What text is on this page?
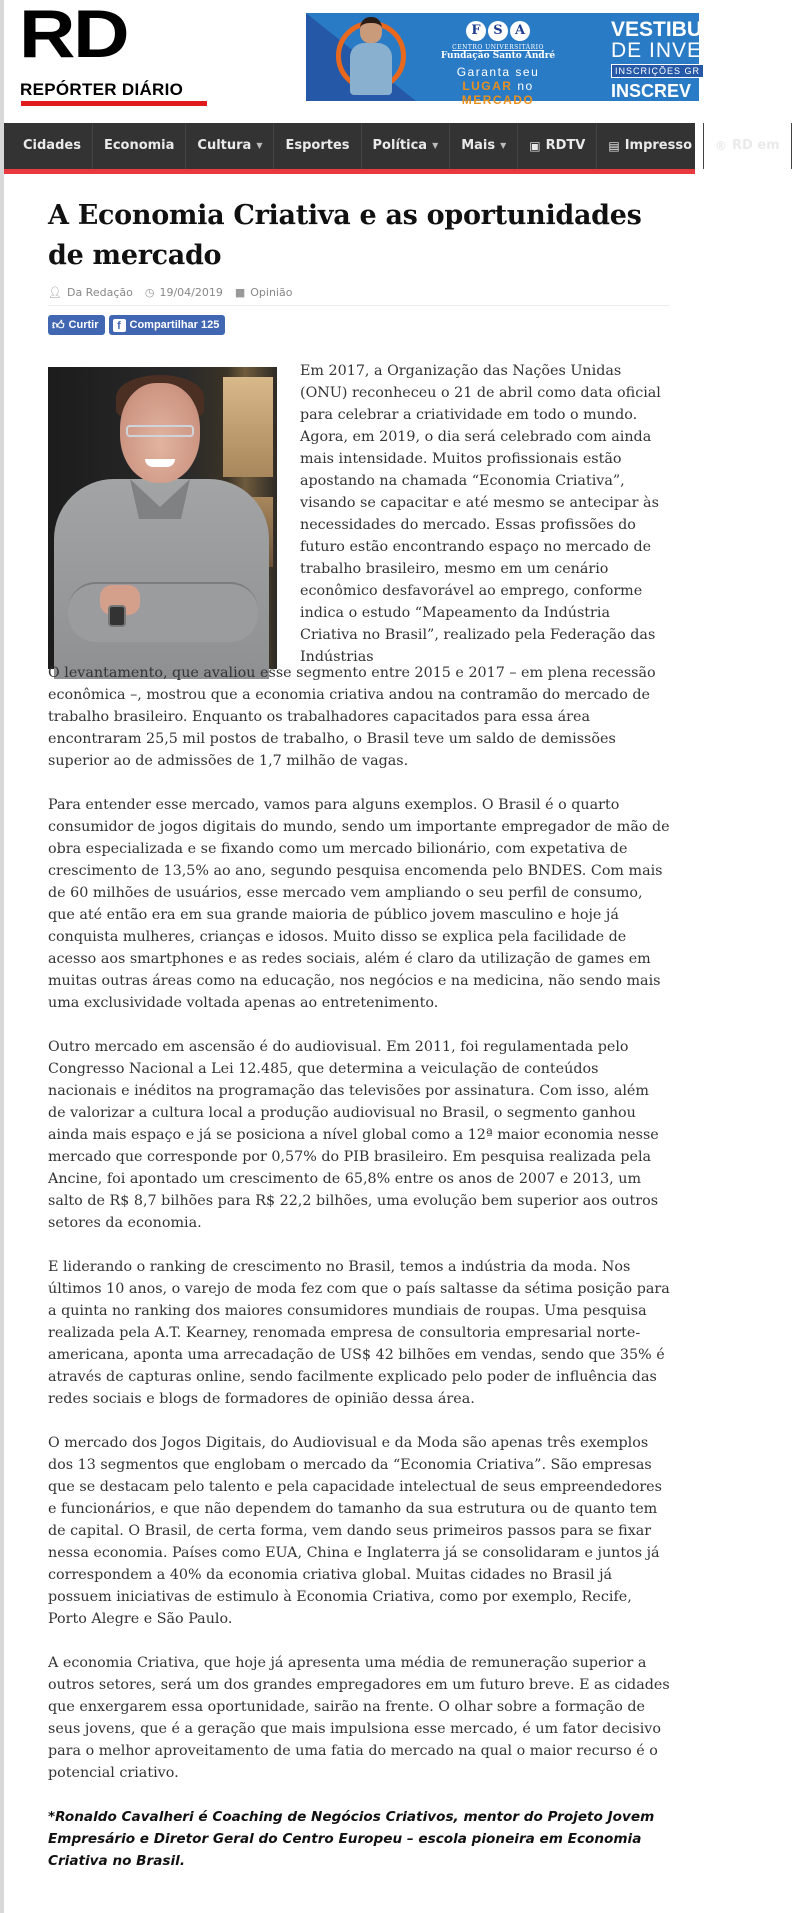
RD
REPÓRTER DIÁRIO
F S A
CENTRO UNIVERSITÁRIO
Fundação Santo André
Garanta seu
LUGAR no MERCADO
VESTIBU
DE INVE
INSCRIÇÕES GR
INSCREV
Cidades Economia Cultura ▼ Esportes Política ▼ Mais ▼ ▣ RDTV ▤ Impresso ® RD em
A Economia Criativa e as oportunidades de mercado
👤︎ Da Redação ◷ 19/04/2019 ■ Opinião
👍︎ Curtir	f Compartilhar 125
Em 2017, a Organização das Nações Unidas (ONU) reconheceu o 21 de abril como data oficial para celebrar a criatividade em todo o mundo. Agora, em 2019, o dia será celebrado com ainda mais intensidade. Muitos profissionais estão apostando na chamada “Economia Criativa”, visando se capacitar e até mesmo se antecipar às necessidades do mercado. Essas profissões do futuro estão encontrando espaço no mercado de trabalho brasileiro, mesmo em um cenário econômico desfavorável ao emprego, conforme indica o estudo “Mapeamento da Indústria Criativa no Brasil”, realizado pela Federação das Indústrias

O levantamento, que avaliou esse segmento entre 2015 e 2017 – em plena recessão econômica –, mostrou que a economia criativa andou na contramão do mercado de trabalho brasileiro. Enquanto os trabalhadores capacitados para essa área encontraram 25,5 mil postos de trabalho, o Brasil teve um saldo de demissões superior ao de admissões de 1,7 milhão de vagas.

Para entender esse mercado, vamos para alguns exemplos. O Brasil é o quarto consumidor de jogos digitais do mundo, sendo um importante empregador de mão de obra especializada e se fixando como um mercado bilionário, com expetativa de crescimento de 13,5% ao ano, segundo pesquisa encomenda pelo BNDES. Com mais de 60 milhões de usuários, esse mercado vem ampliando o seu perfil de consumo, que até então era em sua grande maioria de público jovem masculino e hoje já conquista mulheres, crianças e idosos. Muito disso se explica pela facilidade de acesso aos smartphones e as redes sociais, além é claro da utilização de games em muitas outras áreas como na educação, nos negócios e na medicina, não sendo mais uma exclusividade voltada apenas ao entretenimento.

Outro mercado em ascensão é do audiovisual. Em 2011, foi regulamentada pelo Congresso Nacional a Lei 12.485, que determina a veiculação de conteúdos nacionais e inéditos na programação das televisões por assinatura. Com isso, além de valorizar a cultura local a produção audiovisual no Brasil, o segmento ganhou ainda mais espaço e já se posiciona a nível global como a 12ª maior economia nesse mercado que corresponde por 0,57% do PIB brasileiro. Em pesquisa realizada pela Ancine, foi apontado um crescimento de 65,8% entre os anos de 2007 e 2013, um salto de R$ 8,7 bilhões para R$ 22,2 bilhões, uma evolução bem superior aos outros setores da economia.

E liderando o ranking de crescimento no Brasil, temos a indústria da moda. Nos últimos 10 anos, o varejo de moda fez com que o país saltasse da sétima posição para a quinta no ranking dos maiores consumidores mundiais de roupas. Uma pesquisa realizada pela A.T. Kearney, renomada empresa de consultoria empresarial norte-americana, aponta uma arrecadação de US$ 42 bilhões em vendas, sendo que 35% é através de capturas online, sendo facilmente explicado pelo poder de influência das redes sociais e blogs de formadores de opinião dessa área.

O mercado dos Jogos Digitais, do Audiovisual e da Moda são apenas três exemplos dos 13 segmentos que englobam o mercado da “Economia Criativa”. São empresas que se destacam pelo talento e pela capacidade intelectual de seus empreendedores e funcionários, e que não dependem do tamanho da sua estrutura ou de quanto tem de capital. O Brasil, de certa forma, vem dando seus primeiros passos para se fixar nessa economia. Países como EUA, China e Inglaterra já se consolidaram e juntos já correspondem a 40% da economia criativa global. Muitas cidades no Brasil já possuem iniciativas de estimulo à Economia Criativa, como por exemplo, Recife, Porto Alegre e São Paulo.

A economia Criativa, que hoje já apresenta uma média de remuneração superior a outros setores, será um dos grandes empregadores em um futuro breve. E as cidades que enxergarem essa oportunidade, sairão na frente. O olhar sobre a formação de seus jovens, que é a geração que mais impulsiona esse mercado, é um fator decisivo para o melhor aproveitamento de uma fatia do mercado na qual o maior recurso é o potencial criativo.

*Ronaldo Cavalheri é Coaching de Negócios Criativos, mentor do Projeto Jovem Empresário e Diretor Geral do Centro Europeu – escola pioneira em Economia Criativa no Brasil.
